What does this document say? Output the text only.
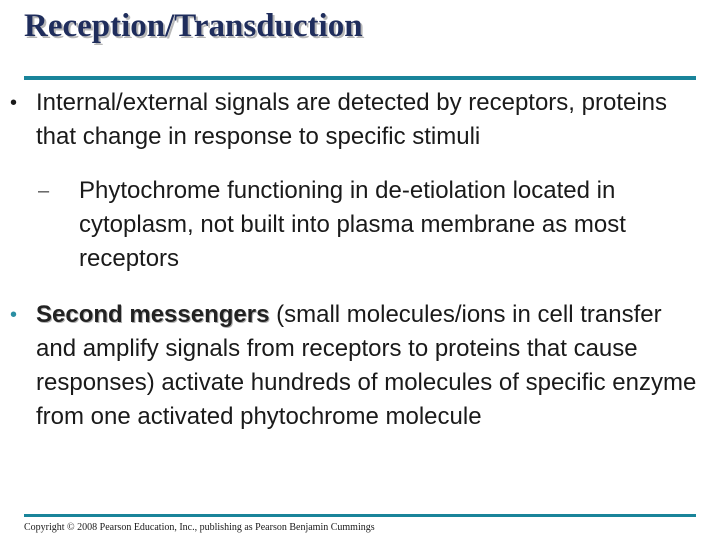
Reception/Transduction
• Internal/external signals are detected by receptors, proteins that change in response to specific stimuli
–	Phytochrome functioning in de-etiolation located in cytoplasm, not built into plasma membrane as most receptors
• Second messengers (small molecules/ions in cell transfer and amplify signals from receptors to proteins that cause responses) activate hundreds of molecules of specific enzyme from one activated phytochrome molecule
Copyright © 2008 Pearson Education, Inc., publishing as Pearson Benjamin Cummings
